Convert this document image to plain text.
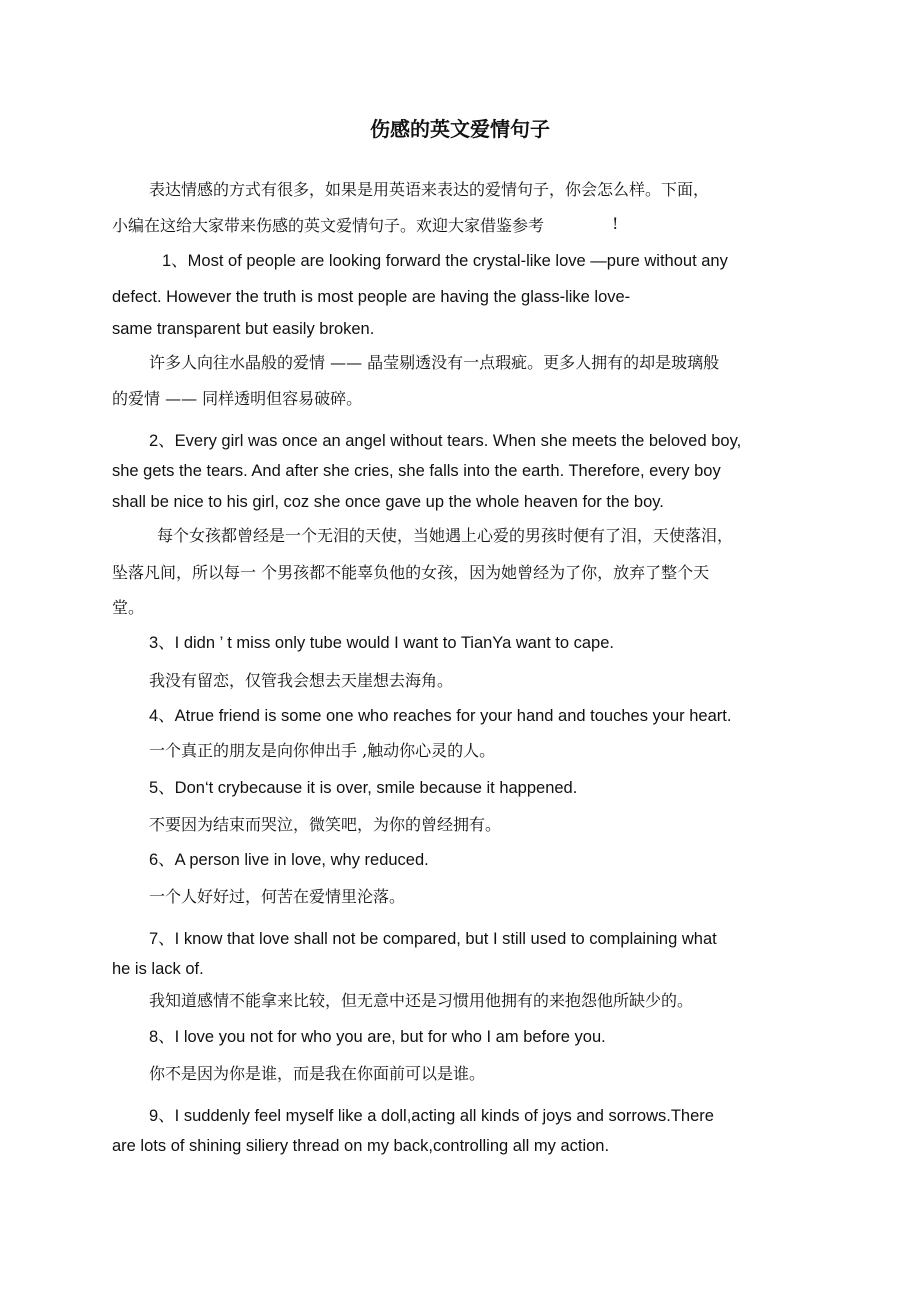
伤感的英文爱情句子

表达情感的方式有很多，如果是用英语来表达的爱情句子，你会怎么样。下面，

小编在这给大家带来伤感的英文爱情句子。欢迎大家借鉴参考	!

1、Most of people are looking forward the crystal-like love —pure without any

defect. However the truth is most people are having the glass-like love-

same transparent but easily broken.

许多人向往水晶般的爱情 —— 晶莹剔透没有一点瑕疵。更多人拥有的却是玻璃般

的爱情 —— 同样透明但容易破碎。

2、Every girl was once an angel without tears. When she meets the beloved boy,

she gets the tears. And after she cries, she falls into the earth. Therefore, every boy

shall be nice to his girl, coz she once gave up the whole heaven for the boy.

每个女孩都曾经是一个无泪的天使，当她遇上心爱的男孩时便有了泪，天使落泪，

坠落凡间，所以每一 个男孩都不能辜负他的女孩，因为她曾经为了你，放弃了整个天

堂。

3、I didn ’ t miss only tube would I want to TianYa want to cape.

我没有留恋，仅管我会想去天崖想去海角。

4、Atrue friend is some one who reaches for your hand and touches your heart.

一个真正的朋友是向你伸出手 ,触动你心灵的人。

5、Don‘t crybecause it is over, smile because it happened.

不要因为结束而哭泣，微笑吧，为你的曾经拥有。

6、A person live in love, why reduced.

一个人好好过，何苦在爱情里沦落。

7、I know that love shall not be compared, but I still used to complaining what

he is lack of.

我知道感情不能拿来比较，但无意中还是习惯用他拥有的来抱怨他所缺少的。

8、I love you not for who you are, but for who I am before you.

你不是因为你是谁，而是我在你面前可以是谁。

9、I suddenly feel myself like a doll,acting all kinds of joys and sorrows.There

are lots of shining siliery thread on my back,controlling all my action.
